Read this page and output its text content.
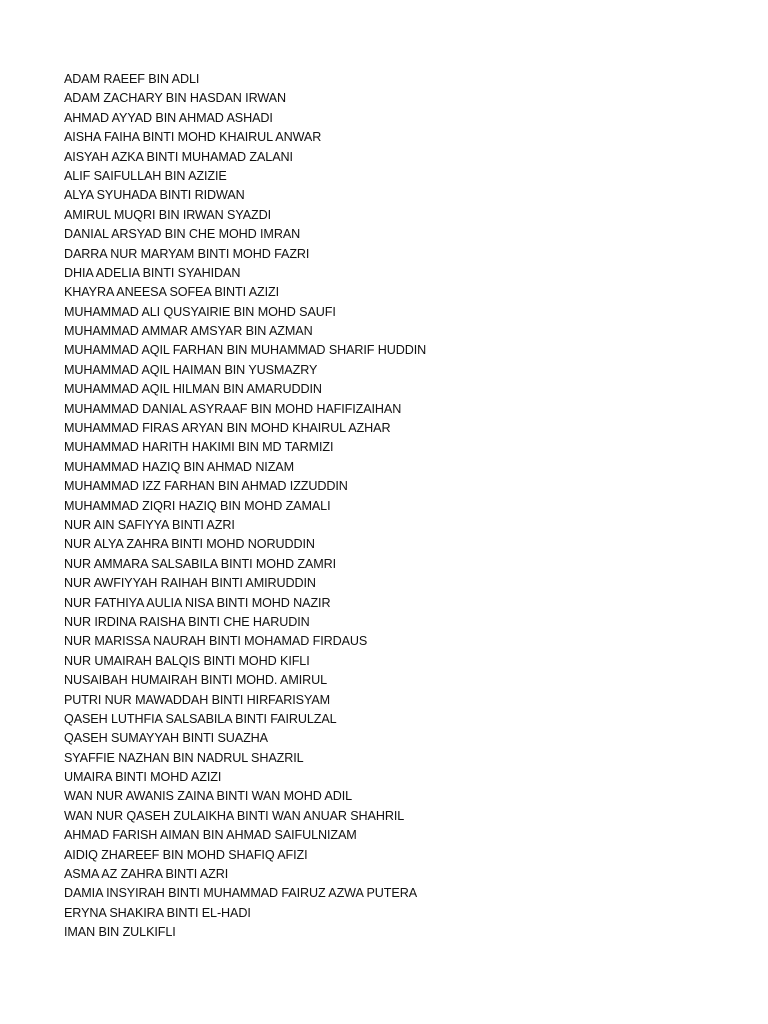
ADAM RAEEF BIN ADLI
ADAM ZACHARY BIN HASDAN IRWAN
AHMAD AYYAD BIN AHMAD ASHADI
AISHA FAIHA BINTI MOHD KHAIRUL ANWAR
AISYAH AZKA BINTI MUHAMAD ZALANI
ALIF SAIFULLAH BIN AZIZIE
ALYA SYUHADA BINTI RIDWAN
AMIRUL MUQRI BIN IRWAN SYAZDI
DANIAL ARSYAD BIN CHE MOHD IMRAN
DARRA NUR MARYAM BINTI MOHD FAZRI
DHIA ADELIA BINTI SYAHIDAN
KHAYRA ANEESA SOFEA BINTI AZIZI
MUHAMMAD ALI QUSYAIRIE BIN MOHD SAUFI
MUHAMMAD AMMAR AMSYAR BIN AZMAN
MUHAMMAD AQIL FARHAN BIN MUHAMMAD SHARIF HUDDIN
MUHAMMAD AQIL HAIMAN BIN YUSMAZRY
MUHAMMAD AQIL HILMAN BIN AMARUDDIN
MUHAMMAD DANIAL ASYRAAF BIN MOHD HAFIFIZAIHAN
MUHAMMAD FIRAS ARYAN BIN MOHD KHAIRUL AZHAR
MUHAMMAD HARITH HAKIMI BIN MD TARMIZI
MUHAMMAD HAZIQ BIN AHMAD NIZAM
MUHAMMAD IZZ FARHAN BIN AHMAD IZZUDDIN
MUHAMMAD ZIQRI HAZIQ BIN MOHD ZAMALI
NUR AIN SAFIYYA BINTI AZRI
NUR ALYA ZAHRA BINTI MOHD NORUDDIN
NUR AMMARA SALSABILA BINTI MOHD ZAMRI
NUR AWFIYYAH RAIHAH BINTI AMIRUDDIN
NUR FATHIYA AULIA NISA BINTI MOHD NAZIR
NUR IRDINA RAISHA BINTI CHE HARUDIN
NUR MARISSA NAURAH BINTI MOHAMAD FIRDAUS
NUR UMAIRAH BALQIS BINTI MOHD KIFLI
NUSAIBAH HUMAIRAH BINTI MOHD. AMIRUL
PUTRI NUR MAWADDAH BINTI HIRFARISYAM
QASEH LUTHFIA SALSABILA BINTI FAIRULZAL
QASEH SUMAYYAH BINTI SUAZHA
SYAFFIE NAZHAN BIN NADRUL SHAZRIL
UMAIRA BINTI MOHD AZIZI
WAN NUR AWANIS ZAINA BINTI WAN MOHD ADIL
WAN NUR QASEH ZULAIKHA BINTI WAN ANUAR SHAHRIL
AHMAD FARISH AIMAN BIN AHMAD SAIFULNIZAM
AIDIQ ZHAREEF BIN MOHD SHAFIQ AFIZI
ASMA AZ ZAHRA BINTI AZRI
DAMIA INSYIRAH BINTI MUHAMMAD FAIRUZ AZWA PUTERA
ERYNA SHAKIRA BINTI EL-HADI
IMAN BIN ZULKIFLI
